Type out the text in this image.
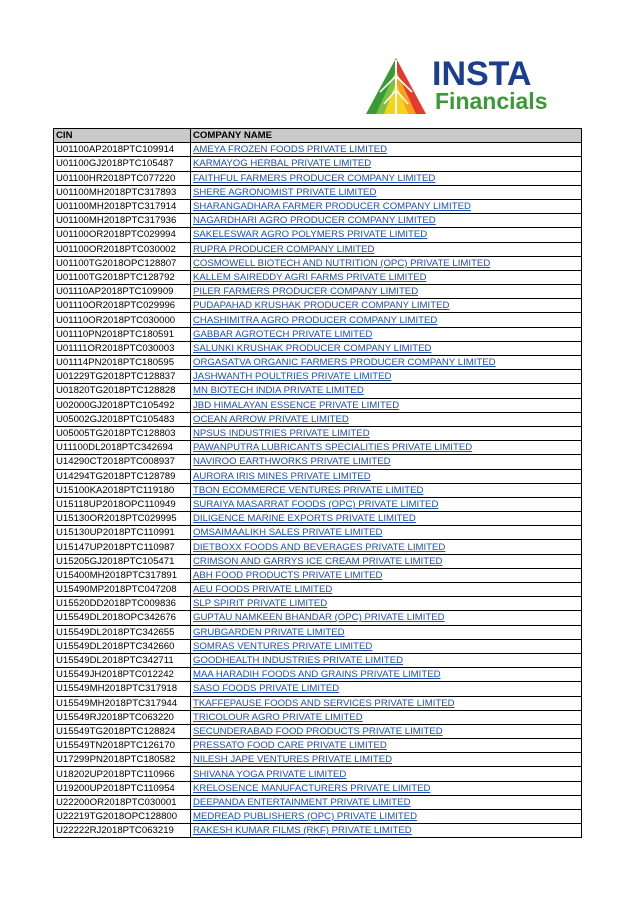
INSTA
Financials
CIN	COMPANY NAME
U01100AP2018PTC109914	AMEYA FROZEN FOODS PRIVATE LIMITED
U01100GJ2018PTC105487	KARMAYOG HERBAL PRIVATE LIMITED
U01100HR2018PTC077220	FAITHFUL FARMERS PRODUCER COMPANY LIMITED
U01100MH2018PTC317893	SHERE AGRONOMIST PRIVATE LIMITED
U01100MH2018PTC317914	SHARANGADHARA FARMER PRODUCER COMPANY LIMITED
U01100MH2018PTC317936	NAGARDHARI AGRO PRODUCER COMPANY LIMITED
U01100OR2018PTC029994	SAKELESWAR AGRO POLYMERS PRIVATE LIMITED
U01100OR2018PTC030002	RUPRA PRODUCER COMPANY LIMITED
U01100TG2018OPC128807	COSMOWELL BIOTECH AND NUTRITION (OPC) PRIVATE LIMITED
U01100TG2018PTC128792	KALLEM SAIREDDY AGRI FARMS PRIVATE LIMITED
U01110AP2018PTC109909	PILER FARMERS PRODUCER COMPANY LIMITED
U01110OR2018PTC029996	PUDAPAHAD KRUSHAK PRODUCER COMPANY LIMITED
U01110OR2018PTC030000	CHASHIMITRA AGRO PRODUCER COMPANY LIMITED
U01110PN2018PTC180591	GABBAR AGROTECH PRIVATE LIMITED
U01111OR2018PTC030003	SALUNKI KRUSHAK PRODUCER COMPANY LIMITED
U01114PN2018PTC180595	ORGASATVA ORGANIC FARMERS PRODUCER COMPANY LIMITED
U01229TG2018PTC128837	JASHWANTH POULTRIES PRIVATE LIMITED
U01820TG2018PTC128828	MN BIOTECH INDIA PRIVATE LIMITED
U02000GJ2018PTC105492	JBD HIMALAYAN ESSENCE PRIVATE LIMITED
U05002GJ2018PTC105483	OCEAN ARROW PRIVATE LIMITED
U05005TG2018PTC128803	NPSUS INDUSTRIES PRIVATE LIMITED
U11100DL2018PTC342694	PAWANPUTRA LUBRICANTS SPECIALITIES PRIVATE LIMITED
U14290CT2018PTC008937	NAVIROO EARTHWORKS PRIVATE LIMITED
U14294TG2018PTC128789	AURORA IRIS MINES PRIVATE LIMITED
U15100KA2018PTC119180	TBON ECOMMERCE VENTURES PRIVATE LIMITED
U15118UP2018OPC110949	SURAIYA MASARRAT FOODS (OPC) PRIVATE LIMITED
U15130OR2018PTC029995	DILIGENCE MARINE EXPORTS PRIVATE LIMITED
U15130UP2018PTC110991	OMSAIMAALIKH SALES PRIVATE LIMITED
U15147UP2018PTC110987	DIETBOXX FOODS AND BEVERAGES PRIVATE LIMITED
U15205GJ2018PTC105471	CRIMSON AND GARRYS ICE CREAM PRIVATE LIMITED
U15400MH2018PTC317891	ABH FOOD PRODUCTS PRIVATE LIMITED
U15490MP2018PTC047208	AEU FOODS PRIVATE LIMITED
U15520DD2018PTC009836	SLP SPIRIT PRIVATE LIMITED
U15549DL2018OPC342676	GUPTAU NAMKEEN BHANDAR (OPC) PRIVATE LIMITED
U15549DL2018PTC342655	GRUBGARDEN PRIVATE LIMITED
U15549DL2018PTC342660	SOMRAS VENTURES PRIVATE LIMITED
U15549DL2018PTC342711	GOODHEALTH INDUSTRIES PRIVATE LIMITED
U15549JH2018PTC012242	MAA HARADIH FOODS AND GRAINS PRIVATE LIMITED
U15549MH2018PTC317918	SASO FOODS PRIVATE LIMITED
U15549MH2018PTC317944	TKAFFEPAUSE FOODS AND SERVICES PRIVATE LIMITED
U15549RJ2018PTC063220	TRICOLOUR AGRO PRIVATE LIMITED
U15549TG2018PTC128824	SECUNDERABAD FOOD PRODUCTS PRIVATE LIMITED
U15549TN2018PTC126170	PRESSATO FOOD CARE PRIVATE LIMITED
U17299PN2018PTC180582	NILESH JAPE VENTURES PRIVATE LIMITED
U18202UP2018PTC110966	SHIVANA YOGA PRIVATE LIMITED
U19200UP2018PTC110954	KRELOSENCE MANUFACTURERS PRIVATE LIMITED
U22200OR2018PTC030001	DEEPANDA ENTERTAINMENT PRIVATE LIMITED
U22219TG2018OPC128800	MEDREAD PUBLISHERS (OPC) PRIVATE LIMITED
U22222RJ2018PTC063219	RAKESH KUMAR FILMS (RKF) PRIVATE LIMITED
